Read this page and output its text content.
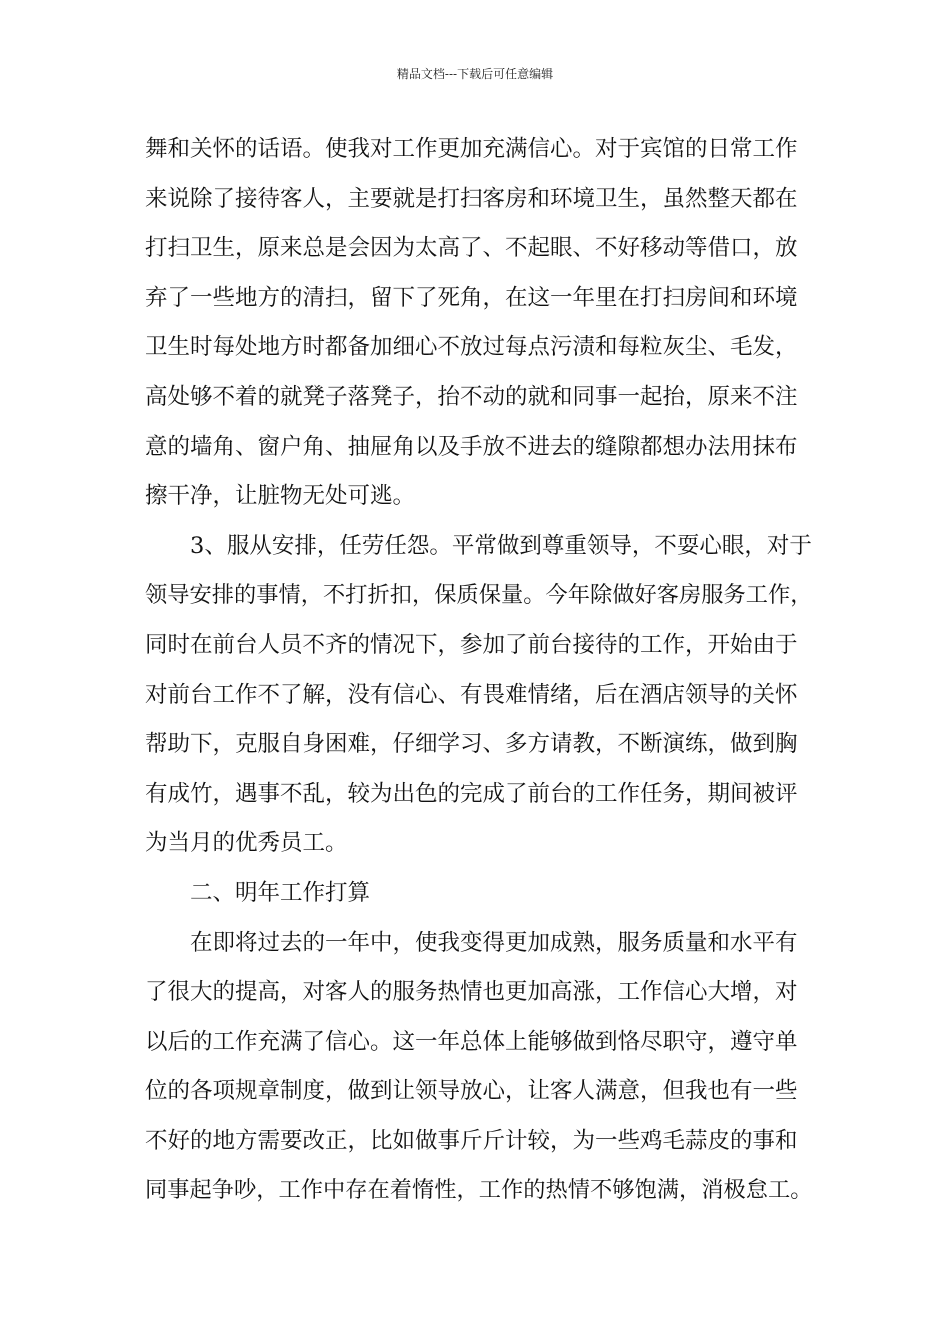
精品文档---下载后可任意编辑
舞和关怀的话语。使我对工作更加充满信心。对于宾馆的日常工作
来说除了接待客人，主要就是打扫客房和环境卫生，虽然整天都在
打扫卫生，原来总是会因为太高了、不起眼、不好移动等借口，放
弃了一些地方的清扫，留下了死角，在这一年里在打扫房间和环境
卫生时每处地方时都备加细心不放过每点污渍和每粒灰尘、毛发，
高处够不着的就凳子落凳子，抬不动的就和同事一起抬，原来不注
意的墙角、窗户角、抽屉角以及手放不进去的缝隙都想办法用抹布
擦干净，让脏物无处可逃。
3、服从安排，任劳任怨。平常做到尊重领导，不耍心眼，对于
领导安排的事情，不打折扣，保质保量。今年除做好客房服务工作，
同时在前台人员不齐的情况下，参加了前台接待的工作，开始由于
对前台工作不了解，没有信心、有畏难情绪，后在酒店领导的关怀
帮助下，克服自身困难，仔细学习、多方请教，不断演练，做到胸
有成竹，遇事不乱，较为出色的完成了前台的工作任务，期间被评
为当月的优秀员工。
二、明年工作打算
在即将过去的一年中，使我变得更加成熟，服务质量和水平有
了很大的提高，对客人的服务热情也更加高涨，工作信心大增，对
以后的工作充满了信心。这一年总体上能够做到恪尽职守，遵守单
位的各项规章制度，做到让领导放心，让客人满意，但我也有一些
不好的地方需要改正，比如做事斤斤计较，为一些鸡毛蒜皮的事和
同事起争吵，工作中存在着惰性，工作的热情不够饱满，消极怠工。
